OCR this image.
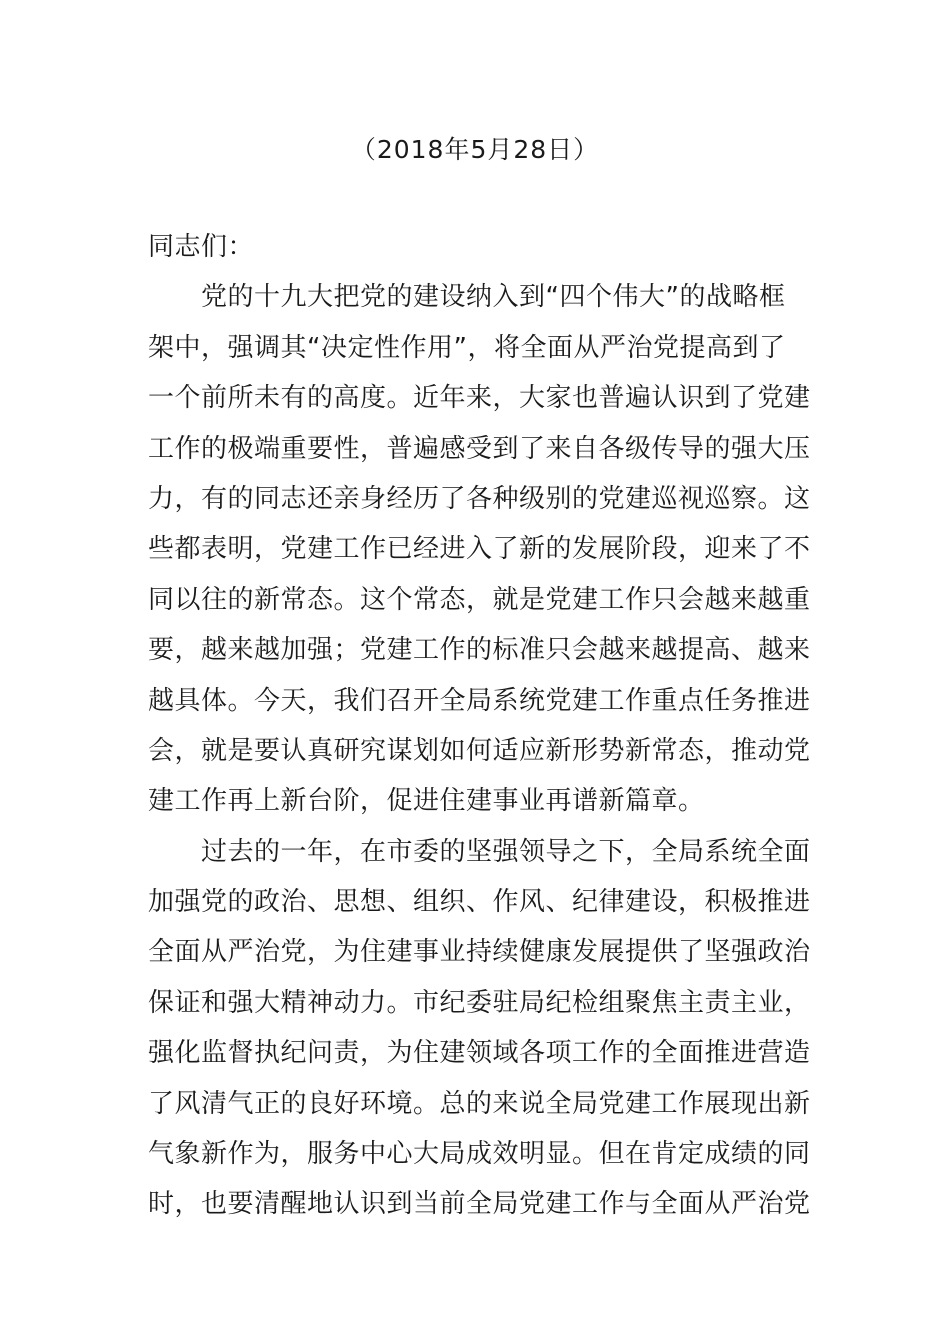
（2018年5月28日）
同志们：
　　党的十九大把党的建设纳入到“四个伟大”的战略框
架中，强调其“决定性作用”，将全面从严治党提高到了
一个前所未有的高度。近年来，大家也普遍认识到了党建
工作的极端重要性，普遍感受到了来自各级传导的强大压
力，有的同志还亲身经历了各种级别的党建巡视巡察。这
些都表明，党建工作已经进入了新的发展阶段，迎来了不
同以往的新常态。这个常态，就是党建工作只会越来越重
要，越来越加强；党建工作的标准只会越来越提高、越来
越具体。今天，我们召开全局系统党建工作重点任务推进
会，就是要认真研究谋划如何适应新形势新常态，推动党
建工作再上新台阶，促进住建事业再谱新篇章。
　　过去的一年，在市委的坚强领导之下，全局系统全面
加强党的政治、思想、组织、作风、纪律建设，积极推进
全面从严治党，为住建事业持续健康发展提供了坚强政治
保证和强大精神动力。市纪委驻局纪检组聚焦主责主业，
强化监督执纪问责，为住建领域各项工作的全面推进营造
了风清气正的良好环境。总的来说全局党建工作展现出新
气象新作为，服务中心大局成效明显。但在肯定成绩的同
时，也要清醒地认识到当前全局党建工作与全面从严治党
